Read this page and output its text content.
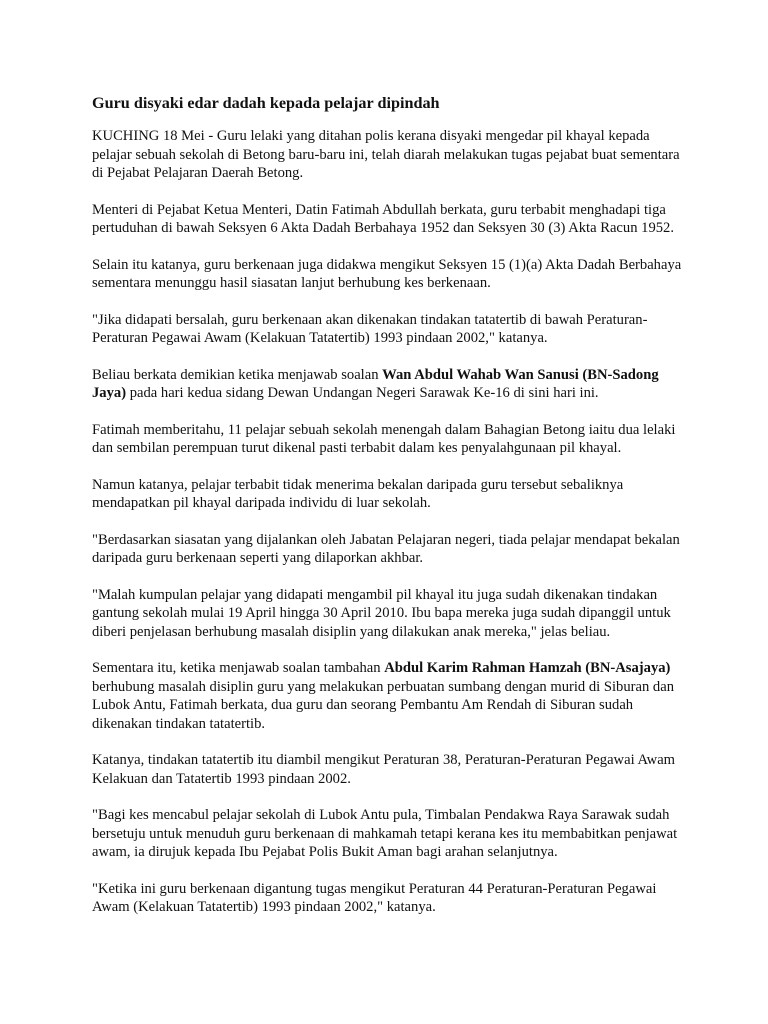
Guru disyaki edar dadah kepada pelajar dipindah

KUCHING 18 Mei - Guru lelaki yang ditahan polis kerana disyaki mengedar pil khayal kepada pelajar sebuah sekolah di Betong baru-baru ini, telah diarah melakukan tugas pejabat buat sementara di Pejabat Pelajaran Daerah Betong.

Menteri di Pejabat Ketua Menteri, Datin Fatimah Abdullah berkata, guru terbabit menghadapi tiga pertuduhan di bawah Seksyen 6 Akta Dadah Berbahaya 1952 dan Seksyen 30 (3) Akta Racun 1952.

Selain itu katanya, guru berkenaan juga didakwa mengikut Seksyen 15 (1)(a) Akta Dadah Berbahaya sementara menunggu hasil siasatan lanjut berhubung kes berkenaan.

"Jika didapati bersalah, guru berkenaan akan dikenakan tindakan tatatertib di bawah Peraturan-Peraturan Pegawai Awam (Kelakuan Tatatertib) 1993 pindaan 2002," katanya.

Beliau berkata demikian ketika menjawab soalan Wan Abdul Wahab Wan Sanusi (BN-Sadong Jaya) pada hari kedua sidang Dewan Undangan Negeri Sarawak Ke-16 di sini hari ini.

Fatimah memberitahu, 11 pelajar sebuah sekolah menengah dalam Bahagian Betong iaitu dua lelaki dan sembilan perempuan turut dikenal pasti terbabit dalam kes penyalahgunaan pil khayal.

Namun katanya, pelajar terbabit tidak menerima bekalan daripada guru tersebut sebaliknya mendapatkan pil khayal daripada individu di luar sekolah.

"Berdasarkan siasatan yang dijalankan oleh Jabatan Pelajaran negeri, tiada pelajar mendapat bekalan daripada guru berkenaan seperti yang dilaporkan akhbar.

"Malah kumpulan pelajar yang didapati mengambil pil khayal itu juga sudah dikenakan tindakan gantung sekolah mulai 19 April hingga 30 April 2010. Ibu bapa mereka juga sudah dipanggil untuk diberi penjelasan berhubung masalah disiplin yang dilakukan anak mereka," jelas beliau.

Sementara itu, ketika menjawab soalan tambahan Abdul Karim Rahman Hamzah (BN-Asajaya) berhubung masalah disiplin guru yang melakukan perbuatan sumbang dengan murid di Siburan dan Lubok Antu, Fatimah berkata, dua guru dan seorang Pembantu Am Rendah di Siburan sudah dikenakan tindakan tatatertib.

Katanya, tindakan tatatertib itu diambil mengikut Peraturan 38, Peraturan-Peraturan Pegawai Awam Kelakuan dan Tatatertib 1993 pindaan 2002.

"Bagi kes mencabul pelajar sekolah di Lubok Antu pula, Timbalan Pendakwa Raya Sarawak sudah bersetuju untuk menuduh guru berkenaan di mahkamah tetapi kerana kes itu membabitkan penjawat awam, ia dirujuk kepada Ibu Pejabat Polis Bukit Aman bagi arahan selanjutnya.

"Ketika ini guru berkenaan digantung tugas mengikut Peraturan 44 Peraturan-Peraturan Pegawai Awam (Kelakuan Tatatertib) 1993 pindaan 2002," katanya.
